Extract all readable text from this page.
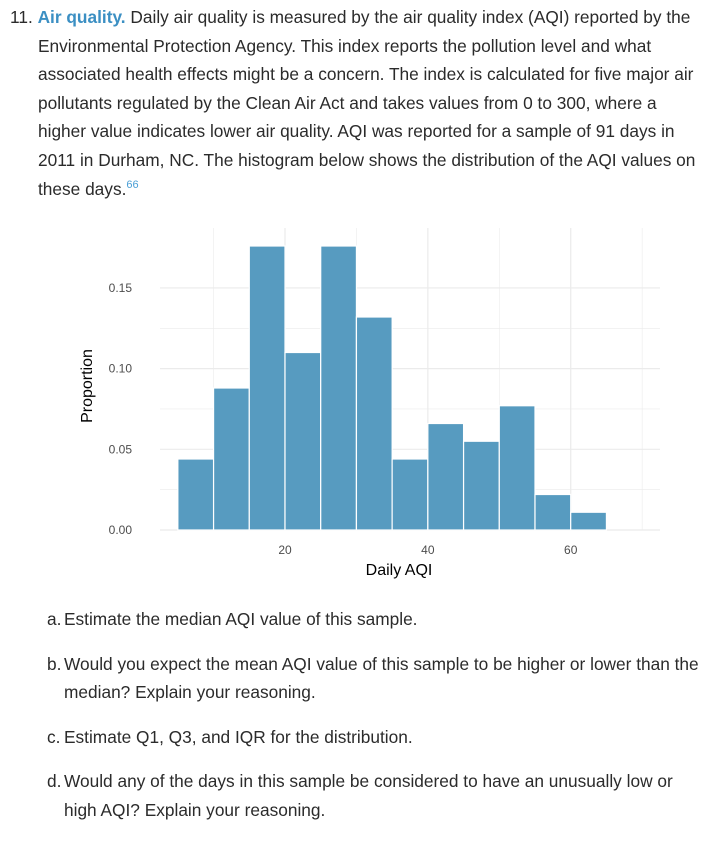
11. Air quality. Daily air quality is measured by the air quality index (AQI) reported by the Environmental Protection Agency. This index reports the pollution level and what associated health effects might be a concern. The index is calculated for five major air pollutants regulated by the Clean Air Act and takes values from 0 to 300, where a higher value indicates lower air quality. AQI was reported for a sample of 91 days in 2011 in Durham, NC. The histogram below shows the distribution of the AQI values on these days.$^{66}$

Proportion
Daily AQI
0.00
0.05
0.10
0.15
20	40	60
a. Estimate the median AQI value of this sample.
b. Would you expect the mean AQI value of this sample to be higher or lower than the median? Explain your reasoning.
c. Estimate Q1, Q3, and IQR for the distribution.
d. Would any of the days in this sample be considered to have an unusually low or high AQI? Explain your reasoning.
